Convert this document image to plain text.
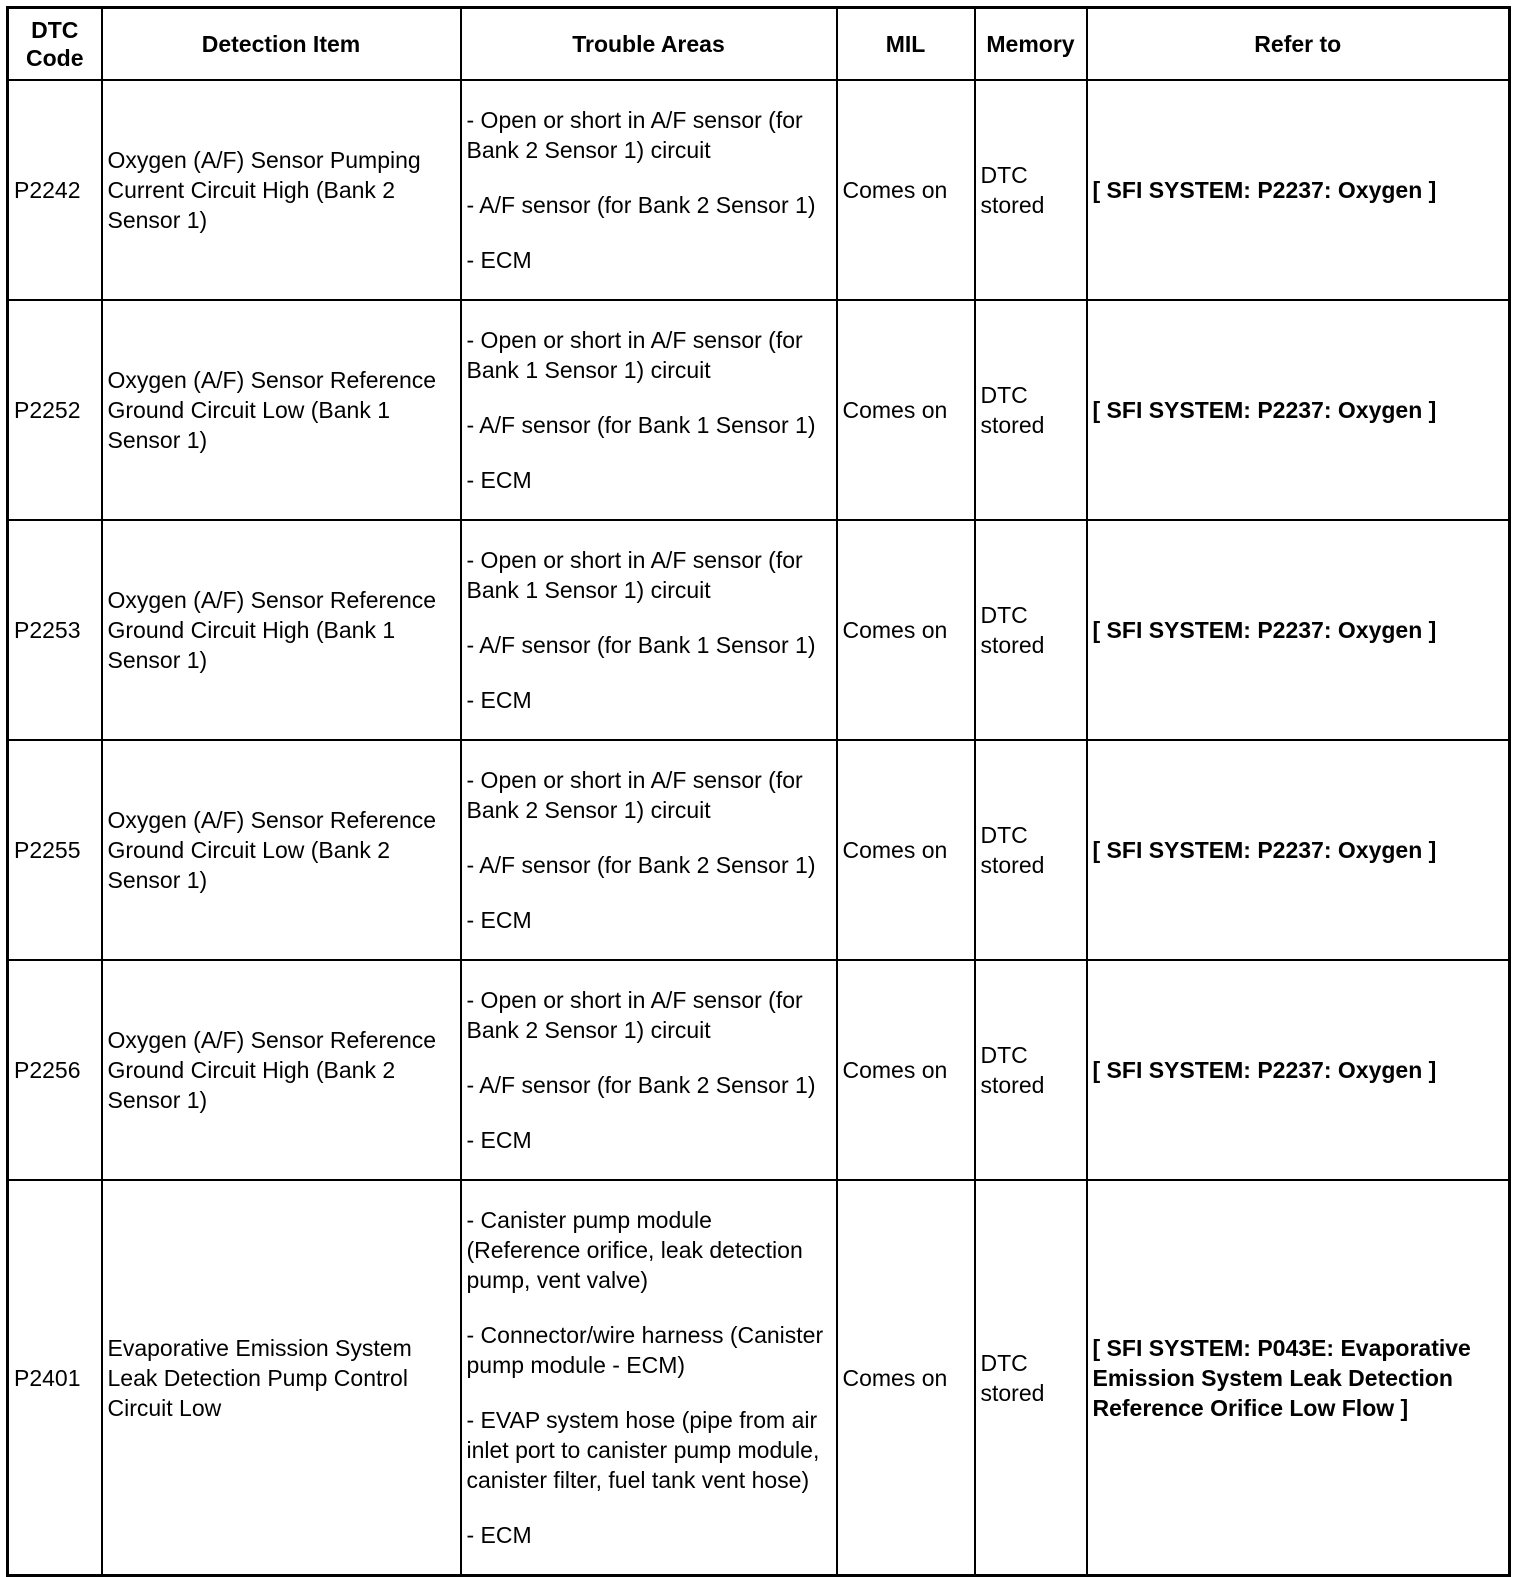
DTC Code	Detection Item	Trouble Areas	MIL	Memory	Refer to
P2242	Oxygen (A/F) Sensor Pumping Current Circuit High (Bank 2 Sensor 1)	- Open or short in A/F sensor (for Bank 2 Sensor 1) circuit
- A/F sensor (for Bank 2 Sensor 1)
- ECM	Comes on	DTC stored	[ SFI SYSTEM: P2237: Oxygen ]
P2252	Oxygen (A/F) Sensor Reference Ground Circuit Low (Bank 1 Sensor 1)	- Open or short in A/F sensor (for Bank 1 Sensor 1) circuit
- A/F sensor (for Bank 1 Sensor 1)
- ECM	Comes on	DTC stored	[ SFI SYSTEM: P2237: Oxygen ]
P2253	Oxygen (A/F) Sensor Reference Ground Circuit High (Bank 1 Sensor 1)	- Open or short in A/F sensor (for Bank 1 Sensor 1) circuit
- A/F sensor (for Bank 1 Sensor 1)
- ECM	Comes on	DTC stored	[ SFI SYSTEM: P2237: Oxygen ]
P2255	Oxygen (A/F) Sensor Reference Ground Circuit Low (Bank 2 Sensor 1)	- Open or short in A/F sensor (for Bank 2 Sensor 1) circuit
- A/F sensor (for Bank 2 Sensor 1)
- ECM	Comes on	DTC stored	[ SFI SYSTEM: P2237: Oxygen ]
P2256	Oxygen (A/F) Sensor Reference Ground Circuit High (Bank 2 Sensor 1)	- Open or short in A/F sensor (for Bank 2 Sensor 1) circuit
- A/F sensor (for Bank 2 Sensor 1)
- ECM	Comes on	DTC stored	[ SFI SYSTEM: P2237: Oxygen ]
P2401	Evaporative Emission System Leak Detection Pump Control Circuit Low	- Canister pump module (Reference orifice, leak detection pump, vent valve)
- Connector/wire harness (Canister pump module - ECM)
- EVAP system hose (pipe from air inlet port to canister pump module, canister filter, fuel tank vent hose)
- ECM	Comes on	DTC stored	[ SFI SYSTEM: P043E: Evaporative Emission System Leak Detection Reference Orifice Low Flow ]
